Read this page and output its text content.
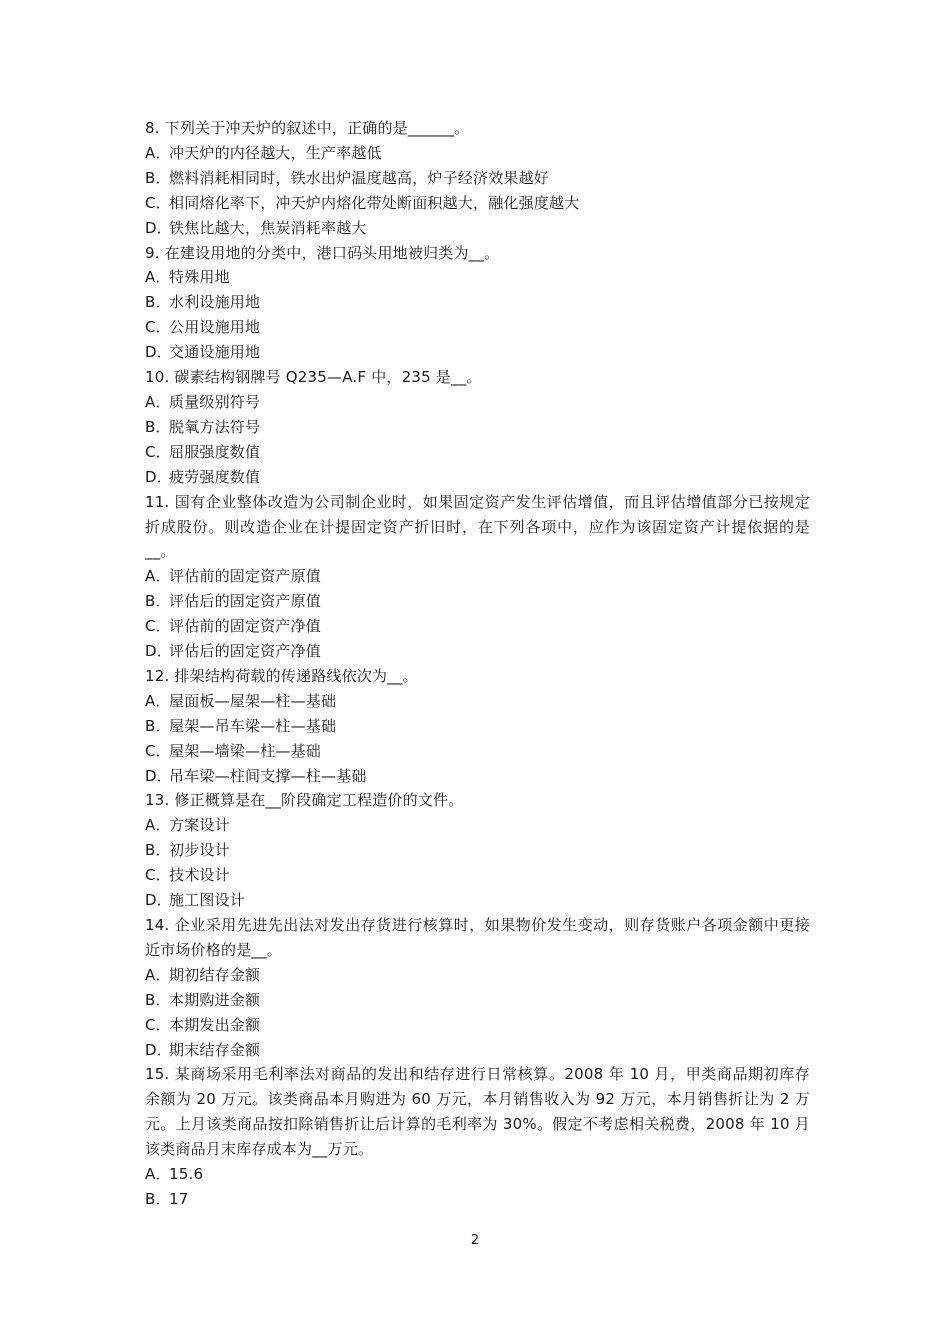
8. 下列关于冲天炉的叙述中，正确的是______。

A．冲天炉的内径越大，生产率越低

B．燃料消耗相同时，铁水出炉温度越高，炉子经济效果越好

C．相同熔化率下，冲天炉内熔化带处断面积越大，融化强度越大

D．铁焦比越大，焦炭消耗率越大

9. 在建设用地的分类中，港口码头用地被归类为__。

A．特殊用地

B．水利设施用地

C．公用设施用地

D．交通设施用地

10. 碳素结构钢牌号 Q235—A.F 中，235 是__。

A．质量级别符号

B．脱氧方法符号

C．屈服强度数值

D．疲劳强度数值

11. 国有企业整体改造为公司制企业时，如果固定资产发生评估增值，而且评估增值部分已按规定折成股份。则改造企业在计提固定资产折旧时，在下列各项中，应作为该固定资产计提依据的是__。

A．评估前的固定资产原值

B．评估后的固定资产原值

C．评估前的固定资产净值

D．评估后的固定资产净值

12. 排架结构荷载的传递路线依次为__。

A．屋面板—屋架—柱—基础

B．屋架—吊车梁—柱—基础

C．屋架—墙梁—柱—基础

D．吊车梁—柱间支撑—柱—基础

13. 修正概算是在__阶段确定工程造价的文件。

A．方案设计

B．初步设计

C．技术设计

D．施工图设计

14. 企业采用先进先出法对发出存货进行核算时，如果物价发生变动，则存货账户各项金额中更接近市场价格的是__。

A．期初结存金额

B．本期购进金额

C．本期发出金额

D．期末结存金额

15. 某商场采用毛利率法对商品的发出和结存进行日常核算。2008 年 10 月，甲类商品期初库存余额为 20 万元。该类商品本月购进为 60 万元，本月销售收入为 92 万元，本月销售折让为 2 万元。上月该类商品按扣除销售折让后计算的毛利率为 30%。假定不考虑相关税费，2008 年 10 月该类商品月末库存成本为__万元。

A．15.6

B．17

2
